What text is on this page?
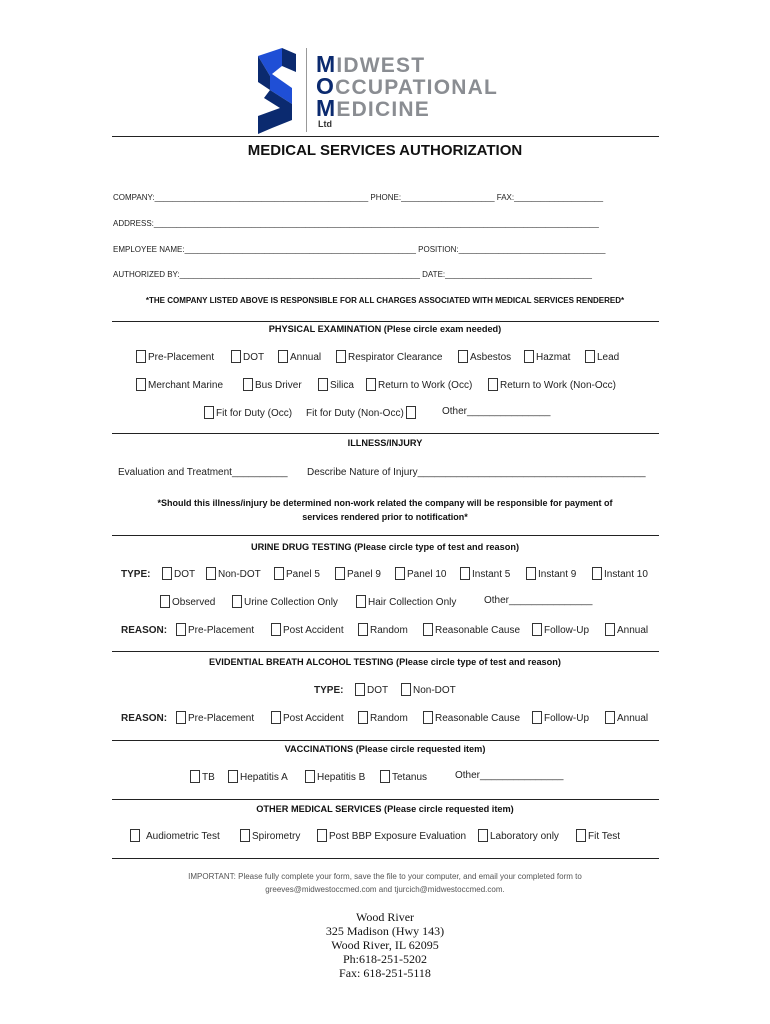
MIDWEST
OCCUPATIONAL
MEDICINE
Ltd
MEDICAL SERVICES AUTHORIZATION
COMPANY:________________________________________________ PHONE:_____________________ FAX:____________________
ADDRESS:____________________________________________________________________________________________________
EMPLOYEE NAME:____________________________________________________ POSITION:_________________________________
AUTHORIZED BY:______________________________________________________ DATE:_________________________________
*THE COMPANY LISTED ABOVE IS RESPONSIBLE FOR ALL CHARGES ASSOCIATED WITH MEDICAL SERVICES RENDERED*
PHYSICAL EXAMINATION (Plese circle exam needed)
Pre-Placement	DOT	Annual	Respirator Clearance	Asbestos Hazmat	Lead
Merchant Marine	Bus Driver	Silica Return to Work (Occ)	Return to Work (Non-Occ)
Fit for Duty (Occ) Fit for Duty (Non-Occ)	Other_______________
ILLNESS/INJURY
Evaluation and Treatment__________ Describe Nature of Injury_________________________________________
*Should this illness/injury be determined non-work related the company will be responsible for payment of
services rendered prior to notification*
URINE DRUG TESTING (Please circle type of test and reason)
TYPE: DOT Non-DOT	Panel 5	Panel 9	Panel 10	Instant 5	Instant 9	Instant 10
Observed	Urine Collection Only	Hair Collection Only	Other_______________
REASON: Pre-Placement	Post Accident	Random	Reasonable Cause Follow-Up	Annual
EVIDENTIAL BREATH ALCOHOL TESTING (Please circle type of test and reason)
TYPE: DOT Non-DOT
REASON: Pre-Placement	Post Accident	Random	Reasonable Cause Follow-Up	Annual
VACCINATIONS (Please circle requested item)
TB	Hepatitis A	Hepatitis B	Tetanus	Other_______________
OTHER MEDICAL SERVICES (Please circle requested item)
Audiometric Test	Spirometry	Post BBP Exposure Evaluation Laboratory only	Fit Test
IMPORTANT: Please fully complete your form, save the file to your computer, and email your completed form to
greeves@midwestoccmed.com and tjurcich@midwestoccmed.com.
Wood River
325 Madison (Hwy 143)
Wood River, IL 62095
Ph:618-251-5202
Fax: 618-251-5118
